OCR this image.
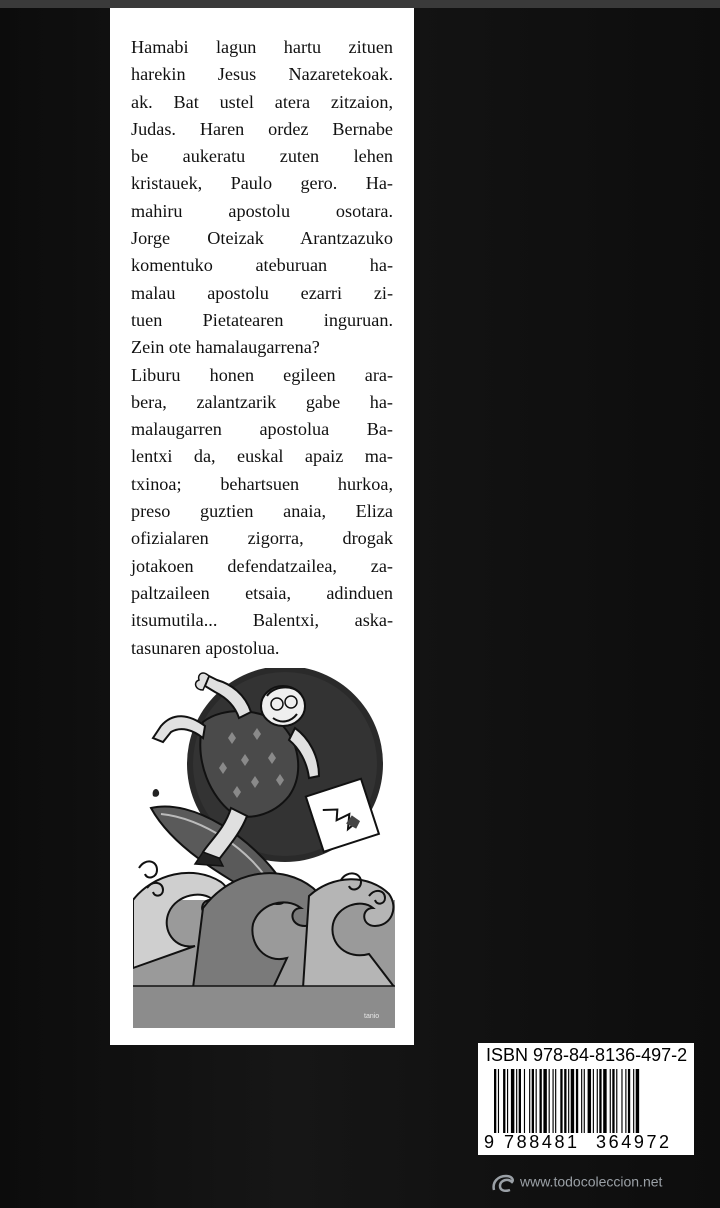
Hamabi lagun hartu zituen
harekin Jesus Nazaretekoak.
ak. Bat ustel atera zitzaion,
Judas. Haren ordez Bernabe
be aukeratu zuten lehen
kristauek, Paulo gero. Ha-
mahiru apostolu osotara.
Jorge Oteizak Arantzazuko
komentuko ateburuan ha-
malau apostolu ezarri zi-
tuen Pietatearen inguruan.
Zein ote hamalaugarrena?
Liburu honen egileen ara-
bera, zalantzarik gabe ha-
malaugarren apostolua Ba-
lentxi da, euskal apaiz ma-
txinoa; behartsuen hurkoa,
preso guztien anaia, Eliza
ofizialaren zigorra, drogak
jotakoen defendatzailea, za-
paltzaileen etsaia, adinduen
itsumutila... Balentxi, aska-
tasunaren apostolua.

tanio
ISBN 978-84-8136-497-2
9 788481 364972
www.todocoleccion.net
